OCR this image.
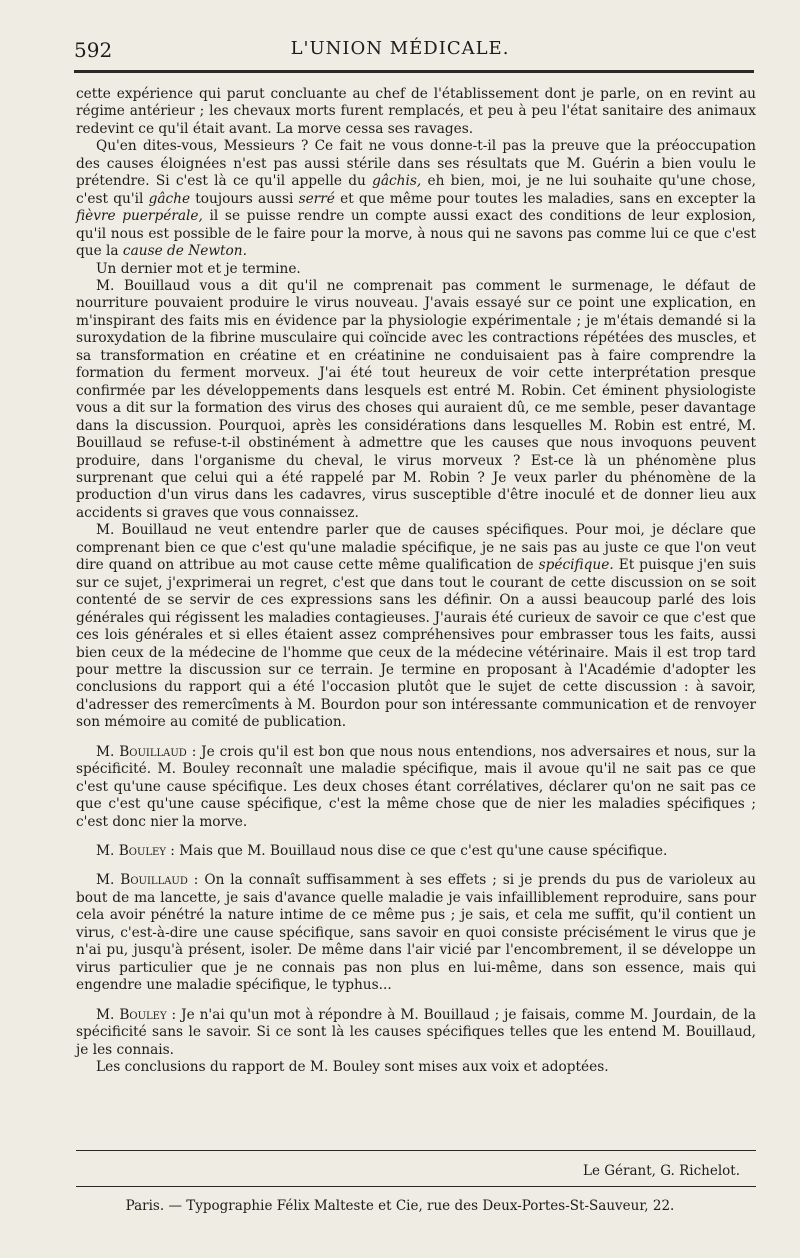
592	L'UNION MÉDICALE.

cette expérience qui parut concluante au chef de l'établissement dont je parle, on en revint au régime antérieur ; les chevaux morts furent remplacés, et peu à peu l'état sanitaire des animaux redevint ce qu'il était avant. La morve cessa ses ravages.

Qu'en dites-vous, Messieurs ? Ce fait ne vous donne-t-il pas la preuve que la préoccupation des causes éloignées n'est pas aussi stérile dans ses résultats que M. Guérin a bien voulu le prétendre. Si c'est là ce qu'il appelle du gâchis, eh bien, moi, je ne lui souhaite qu'une chose, c'est qu'il gâche toujours aussi serré et que même pour toutes les maladies, sans en excepter la fièvre puerpérale, il se puisse rendre un compte aussi exact des conditions de leur explosion, qu'il nous est possible de le faire pour la morve, à nous qui ne savons pas comme lui ce que c'est que la cause de Newton.

Un dernier mot et je termine.

M. Bouillaud vous a dit qu'il ne comprenait pas comment le surmenage, le défaut de nourriture pouvaient produire le virus nouveau. J'avais essayé sur ce point une explication, en m'inspirant des faits mis en évidence par la physiologie expérimentale ; je m'étais demandé si la suroxydation de la fibrine musculaire qui coïncide avec les contractions répétées des muscles, et sa transformation en créatine et en créatinine ne conduisaient pas à faire comprendre la formation du ferment morveux. J'ai été tout heureux de voir cette interprétation presque confirmée par les développements dans lesquels est entré M. Robin. Cet éminent physiologiste vous a dit sur la formation des virus des choses qui auraient dû, ce me semble, peser davantage dans la discussion. Pourquoi, après les considérations dans lesquelles M. Robin est entré, M. Bouillaud se refuse-t-il obstinément à admettre que les causes que nous invoquons peuvent produire, dans l'organisme du cheval, le virus morveux ? Est-ce là un phénomène plus surprenant que celui qui a été rappelé par M. Robin ? Je veux parler du phénomène de la production d'un virus dans les cadavres, virus susceptible d'être inoculé et de donner lieu aux accidents si graves que vous connaissez.

M. Bouillaud ne veut entendre parler que de causes spécifiques. Pour moi, je déclare que comprenant bien ce que c'est qu'une maladie spécifique, je ne sais pas au juste ce que l'on veut dire quand on attribue au mot cause cette même qualification de spécifique. Et puisque j'en suis sur ce sujet, j'exprimerai un regret, c'est que dans tout le courant de cette discussion on se soit contenté de se servir de ces expressions sans les définir. On a aussi beaucoup parlé des lois générales qui régissent les maladies contagieuses. J'aurais été curieux de savoir ce que c'est que ces lois générales et si elles étaient assez compréhensives pour embrasser tous les faits, aussi bien ceux de la médecine de l'homme que ceux de la médecine vétérinaire. Mais il est trop tard pour mettre la discussion sur ce terrain. Je termine en proposant à l'Académie d'adopter les conclusions du rapport qui a été l'occasion plutôt que le sujet de cette discussion : à savoir, d'adresser des remercîments à M. Bourdon pour son intéressante communication et de renvoyer son mémoire au comité de publication.

M. Bouillaud : Je crois qu'il est bon que nous nous entendions, nos adversaires et nous, sur la spécificité. M. Bouley reconnaît une maladie spécifique, mais il avoue qu'il ne sait pas ce que c'est qu'une cause spécifique. Les deux choses étant corrélatives, déclarer qu'on ne sait pas ce que c'est qu'une cause spécifique, c'est la même chose que de nier les maladies spécifiques ; c'est donc nier la morve.

M. Bouley : Mais que M. Bouillaud nous dise ce que c'est qu'une cause spécifique.

M. Bouillaud : On la connaît suffisamment à ses effets ; si je prends du pus de varioleux au bout de ma lancette, je sais d'avance quelle maladie je vais infailliblement reproduire, sans pour cela avoir pénétré la nature intime de ce même pus ; je sais, et cela me suffit, qu'il contient un virus, c'est-à-dire une cause spécifique, sans savoir en quoi consiste précisément le virus que je n'ai pu, jusqu'à présent, isoler. De même dans l'air vicié par l'encombrement, il se développe un virus particulier que je ne connais pas non plus en lui-même, dans son essence, mais qui engendre une maladie spécifique, le typhus...

M. Bouley : Je n'ai qu'un mot à répondre à M. Bouillaud ; je faisais, comme M. Jourdain, de la spécificité sans le savoir. Si ce sont là les causes spécifiques telles que les entend M. Bouillaud, je les connais.

Les conclusions du rapport de M. Bouley sont mises aux voix et adoptées.

Le Gérant, G. Richelot.
Paris. — Typographie Félix Malteste et Cie, rue des Deux-Portes-St-Sauveur, 22.
